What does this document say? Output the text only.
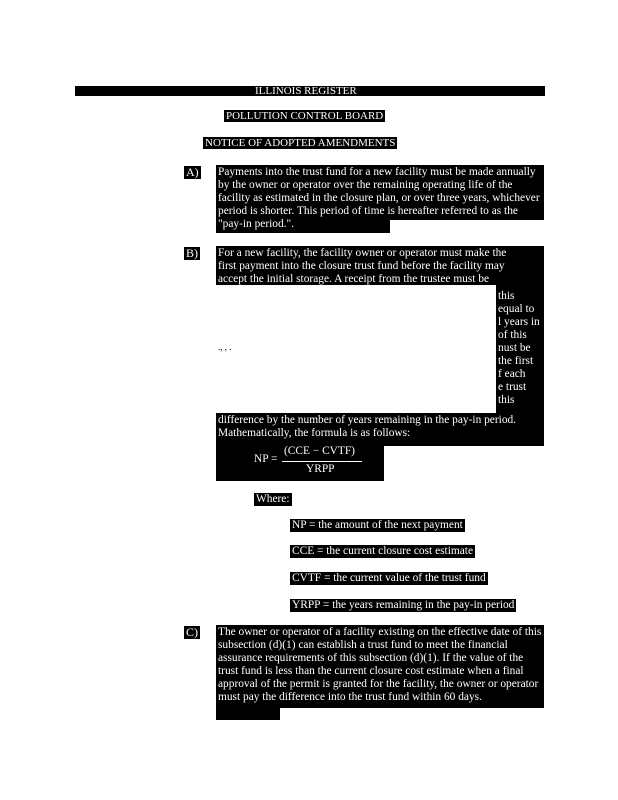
ILLINOIS REGISTER
POLLUTION CONTROL BOARD
NOTICE OF ADOPTED AMENDMENTS
A) Payments into the trust fund for a new facility must be made annually by the owner or operator over the remaining operating life of the facility as estimated in the closure plan, or over three years, whichever period is shorter. This period of time is hereafter referred to as the "pay-in period.".

B) For a new facility, the facility owner or operator must make the

first payment into the closure trust fund before the facility may

accept the initial storage. A receipt from the trustee must be

this
equal to
l years in
of this
nust be
the first
f each
e trust
this
., , .

difference by the number of years remaining in the pay-in period.

Mathematically, the formula is as follows:

NP =
(CCE − CVTF)
YRPP
Where:
NP = the amount of the next payment
CCE = the current closure cost estimate
CVTF = the current value of the trust fund
YRPP = the years remaining in the pay-in period
C) The owner or operator of a facility existing on the effective date of this subsection (d)(1) can establish a trust fund to meet the financial assurance requirements of this subsection (d)(1). If the value of the trust fund is less than the current closure cost estimate when a final approval of the permit is granted for the facility, the owner or operator must pay the difference into the trust fund within 60 days.
